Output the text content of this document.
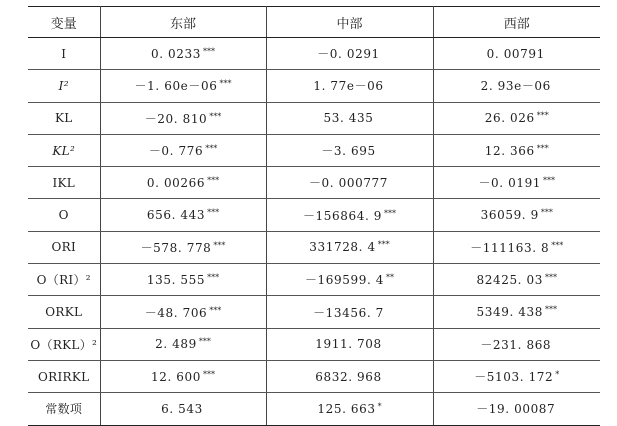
变量	东部	中部	西部
I	0. 0233 ***	－0. 0291	0. 00791
I²	－1. 60e－06 ***	1. 77e－06	2. 93e－06
KL	－20. 810 ***	53. 435	26. 026 ***
KL²	－0. 776 ***	－3. 695	12. 366 ***
IKL	0. 00266 ***	－0. 000777	－0. 0191 ***
O	656. 443 ***	－156864. 9 ***	36059. 9 ***
ORI	－578. 778 ***	331728. 4 ***	－111163. 8 ***
O（RI）²	135. 555 ***	－169599. 4 **	82425. 03 ***
ORKL	－48. 706 ***	－13456. 7	5349. 438 ***
O（RKL）²	2. 489 ***	1911. 708	－231. 868
ORIRKL	12. 600 ***	6832. 968	－5103. 172 *
常数项	6. 543	125. 663 *	－19. 00087
